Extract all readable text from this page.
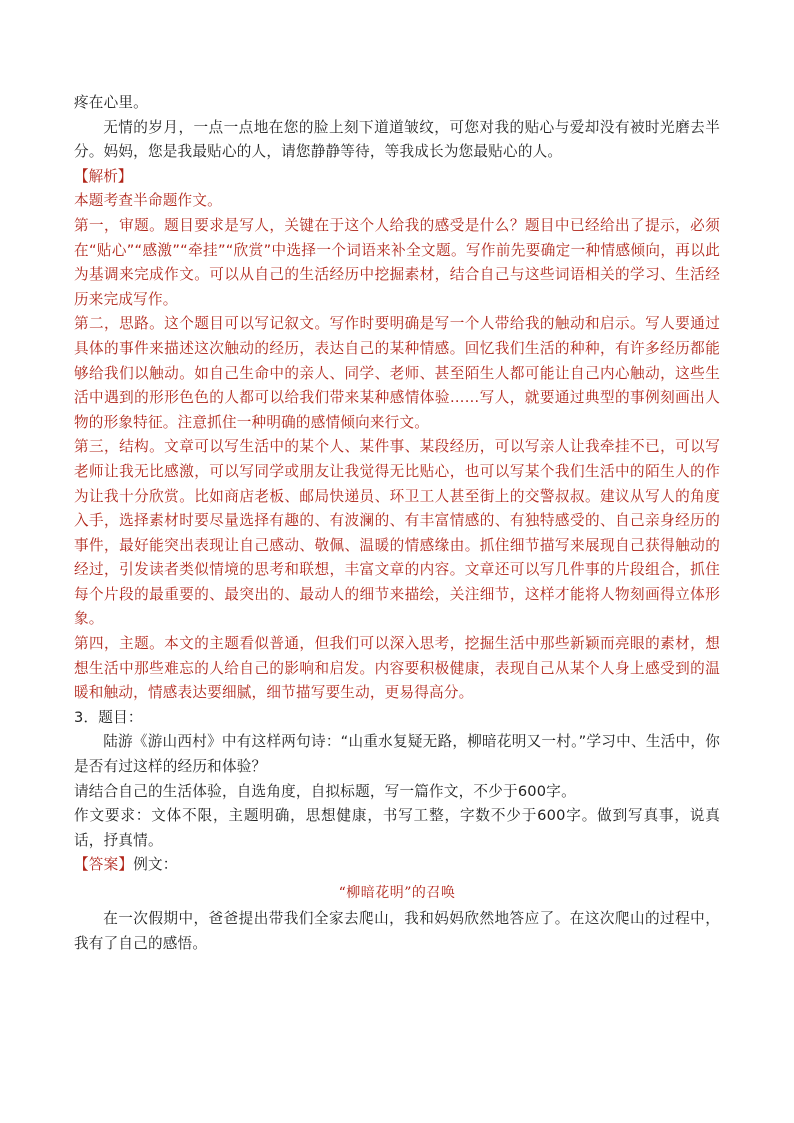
疼在心里。

无情的岁月，一点一点地在您的脸上刻下道道皱纹，可您对我的贴心与爱却没有被时光磨去半分。妈妈，您是我最贴心的人，请您静静等待，等我成长为您最贴心的人。

【解析】

本题考查半命题作文。

第一，审题。题目要求是写人，关键在于这个人给我的感受是什么？题目中已经给出了提示，必须在“贴心”“感激”“牵挂”“欣赏”中选择一个词语来补全文题。写作前先要确定一种情感倾向，再以此为基调来完成作文。可以从自己的生活经历中挖掘素材，结合自己与这些词语相关的学习、生活经历来完成写作。

第二，思路。这个题目可以写记叙文。写作时要明确是写一个人带给我的触动和启示。写人要通过具体的事件来描述这次触动的经历，表达自己的某种情感。回忆我们生活的种种，有许多经历都能够给我们以触动。如自己生命中的亲人、同学、老师、甚至陌生人都可能让自己内心触动，这些生活中遇到的形形色色的人都可以给我们带来某种感情体验……写人，就要通过典型的事例刻画出人物的形象特征。注意抓住一种明确的感情倾向来行文。

第三，结构。文章可以写生活中的某个人、某件事、某段经历，可以写亲人让我牵挂不已，可以写老师让我无比感激，可以写同学或朋友让我觉得无比贴心，也可以写某个我们生活中的陌生人的作为让我十分欣赏。比如商店老板、邮局快递员、环卫工人甚至街上的交警叔叔。建议从写人的角度入手，选择素材时要尽量选择有趣的、有波澜的、有丰富情感的、有独特感受的、自己亲身经历的事件，最好能突出表现让自己感动、敬佩、温暖的情感缘由。抓住细节描写来展现自己获得触动的经过，引发读者类似情境的思考和联想，丰富文章的内容。文章还可以写几件事的片段组合，抓住每个片段的最重要的、最突出的、最动人的细节来描绘，关注细节，这样才能将人物刻画得立体形象。

第四，主题。本文的主题看似普通，但我们可以深入思考，挖掘生活中那些新颖而亮眼的素材，想想生活中那些难忘的人给自己的影响和启发。内容要积极健康，表现自己从某个人身上感受到的温暖和触动，情感表达要细腻，细节描写要生动，更易得高分。

3．题目：

陆游《游山西村》中有这样两句诗：“山重水复疑无路，柳暗花明又一村。”学习中、生活中，你是否有过这样的经历和体验？

请结合自己的生活体验，自选角度，自拟标题，写一篇作文，不少于600字。

作文要求：文体不限，主题明确，思想健康，书写工整，字数不少于600字。做到写真事，说真话，抒真情。

【答案】例文：

“柳暗花明”的召唤

在一次假期中，爸爸提出带我们全家去爬山，我和妈妈欣然地答应了。在这次爬山的过程中，我有了自己的感悟。
